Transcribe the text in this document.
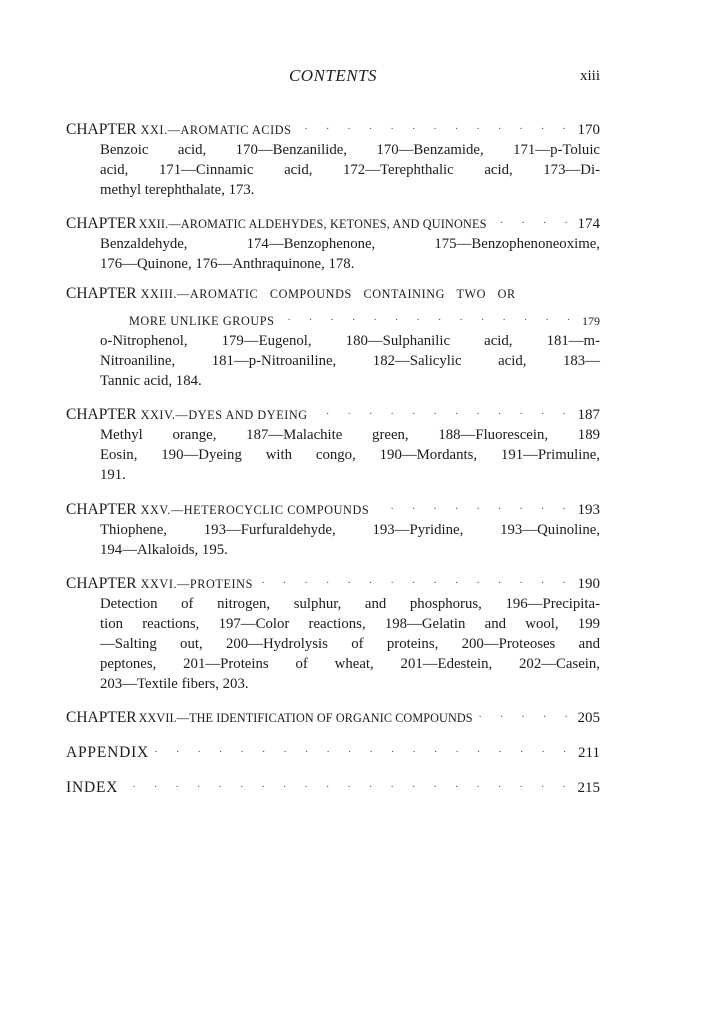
CONTENTS	xiii
CHAPTER XXI.—AROMATIC ACIDS . . .	170
Benzoic acid, 170—Benzanilide, 170—Benzamide, 171—p-Toluic
acid, 171—Cinnamic acid, 172—Terephthalic acid, 173—Di-
methyl terephthalate, 173.
CHAPTER XXII.—AROMATIC ALDEHYDES, KETONES, AND QUINONES . . .	174
Benzaldehyde, 174—Benzophenone, 175—Benzophenoneoxime,
176—Quinone, 176—Anthraquinone, 178.
CHAPTER XXIII.—AROMATIC COMPOUNDS CONTAINING TWO OR
MORE UNLIKE GROUPS . . .	179
o-Nitrophenol, 179—Eugenol, 180—Sulphanilic acid, 181—m-
Nitroaniline, 181—p-Nitroaniline, 182—Salicylic acid, 183—
Tannic acid, 184.
CHAPTER XXIV.—DYES AND DYEING . . .	187
Methyl orange, 187—Malachite green, 188—Fluorescein, 189
Eosin, 190—Dyeing with congo, 190—Mordants, 191—Primuline,
191.
CHAPTER XXV.—HETEROCYCLIC COMPOUNDS . . .	193
Thiophene, 193—Furfuraldehyde, 193—Pyridine, 193—Quinoline,
194—Alkaloids, 195.
CHAPTER XXVI.—PROTEINS . . .	190
Detection of nitrogen, sulphur, and phosphorus, 196—Precipita-
tion reactions, 197—Color reactions, 198—Gelatin and wool, 199
—Salting out, 200—Hydrolysis of proteins, 200—Proteoses and
peptones, 201—Proteins of wheat, 201—Edestein, 202—Casein,
203—Textile fibers, 203.
CHAPTER XXVII.—THE IDENTIFICATION OF ORGANIC COMPOUNDS . . .	205
APPENDIX . . .	211
INDEX . . .	215
